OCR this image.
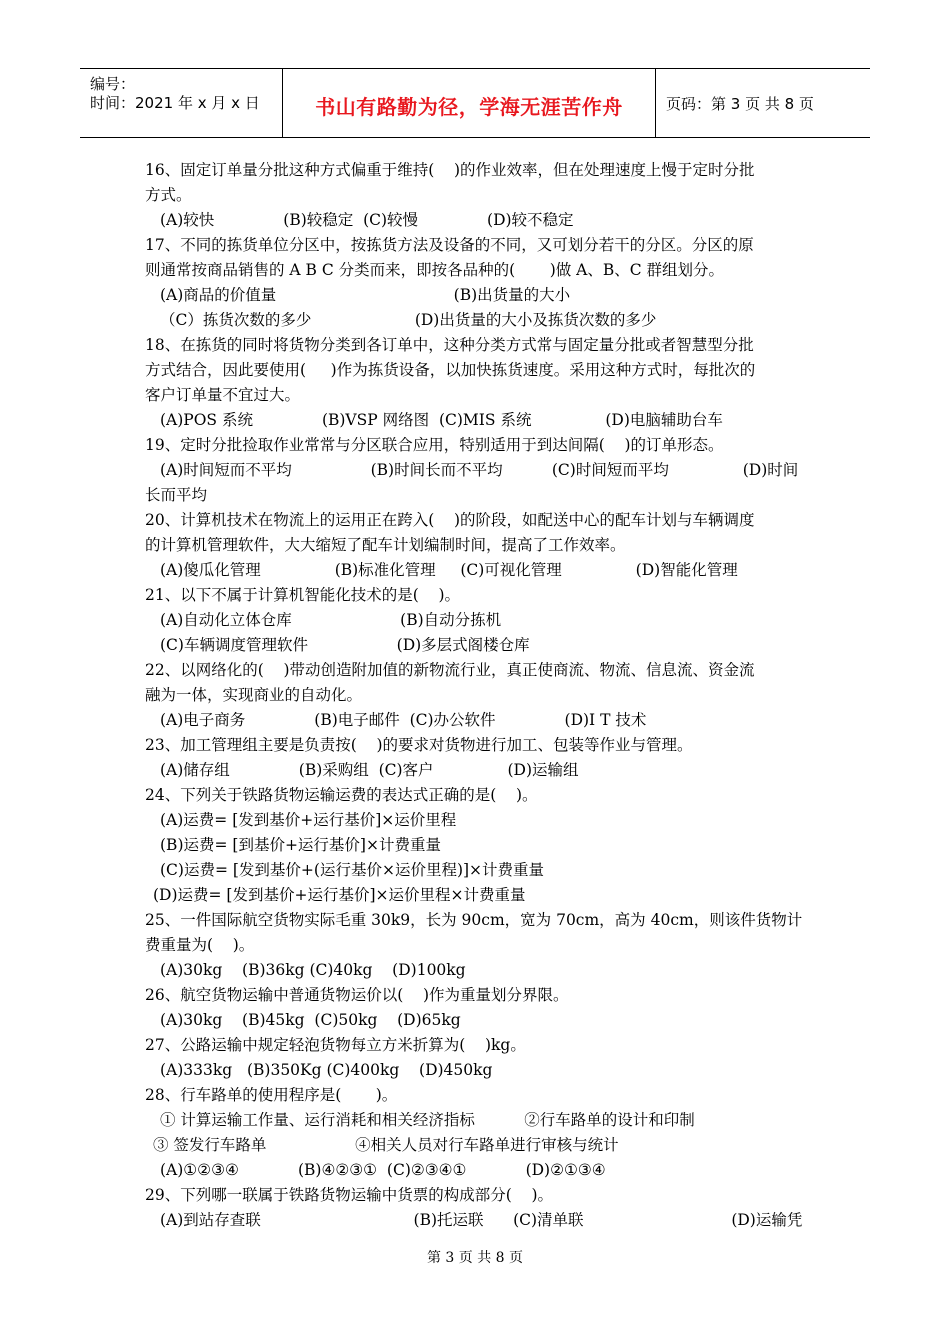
编号：
时间：2021 年 x 月 x 日	书山有路勤为径，学海无涯苦作舟	页码：第 3 页 共 8 页
16、固定订单量分批这种方式偏重于维持(    )的作业效率，但在处理速度上慢于定时分批
方式。
(A)较快              (B)较稳定  (C)较慢              (D)较不稳定
17、不同的拣货单位分区中，按拣货方法及设备的不同，又可划分若干的分区。分区的原
则通常按商品销售的 A B C 分类而来，即按各品种的(       )做 A、B、C 群组划分。
(A)商品的价值量                                    (B)出货量的大小
（C）拣货次数的多少                     (D)出货量的大小及拣货次数的多少
18、在拣货的同时将货物分类到各订单中，这种分类方式常与固定量分批或者智慧型分批
方式结合，因此要使用(     )作为拣货设备，以加快拣货速度。采用这种方式时，每批次的
客户订单量不宜过大。
(A)POS 系统              (B)VSP 网络图  (C)MIS 系统               (D)电脑辅助台车
19、定时分批捡取作业常常与分区联合应用，特别适用于到达间隔(    )的订单形态。
(A)时间短而不平均                (B)时间长而不平均          (C)时间短而平均               (D)时间
长而平均
20、计算机技术在物流上的运用正在跨入(    )的阶段，如配送中心的配车计划与车辆调度
的计算机管理软件，大大缩短了配车计划编制时间，提高了工作效率。
(A)傻瓜化管理               (B)标准化管理     (C)可视化管理               (D)智能化管理
21、以下不属于计算机智能化技术的是(    )。
(A)自动化立体仓库                      (B)自动分拣机
(C)车辆调度管理软件                  (D)多层式阁楼仓库
22、以网络化的(    )带动创造附加值的新物流行业，真正使商流、物流、信息流、资金流
融为一体，实现商业的自动化。
(A)电子商务              (B)电子邮件  (C)办公软件              (D)I T 技术
23、加工管理组主要是负责按(    )的要求对货物进行加工、包装等作业与管理。
(A)储存组              (B)采购组  (C)客户               (D)运输组
24、下列关于铁路货物运输运费的表达式正确的是(    )。
(A)运费= [发到基价+运行基价]×运价里程
(B)运费= [到基价+运行基价]×计费重量
(C)运费= [发到基价+(运行基价×运价里程)]×计费重量
(D)运费= [发到基价+运行基价]×运价里程×计费重量
25、一件国际航空货物实际毛重 30k9，长为 90cm，宽为 70cm，高为 40cm，则该件货物计
费重量为(    )。
(A)30kg    (B)36kg (C)40kg    (D)100kg
26、航空货物运输中普通货物运价以(    )作为重量划分界限。
(A)30kg    (B)45kg  (C)50kg    (D)65kg
27、公路运输中规定轻泡货物每立方米折算为(    )kg。
(A)333kg   (B)350Kg (C)400kg    (D)450kg
28、行车路单的使用程序是(       )。
① 计算运输工作量、运行消耗和相关经济指标          ②行车路单的设计和印制
③ 签发行车路单                  ④相关人员对行车路单进行审核与统计
(A)①②③④            (B)④②③①  (C)②③④①            (D)②①③④
29、下列哪一联属于铁路货物运输中货票的构成部分(    )。
(A)到站存查联                               (B)托运联      (C)清单联                              (D)运输凭
第 3 页 共 8 页
